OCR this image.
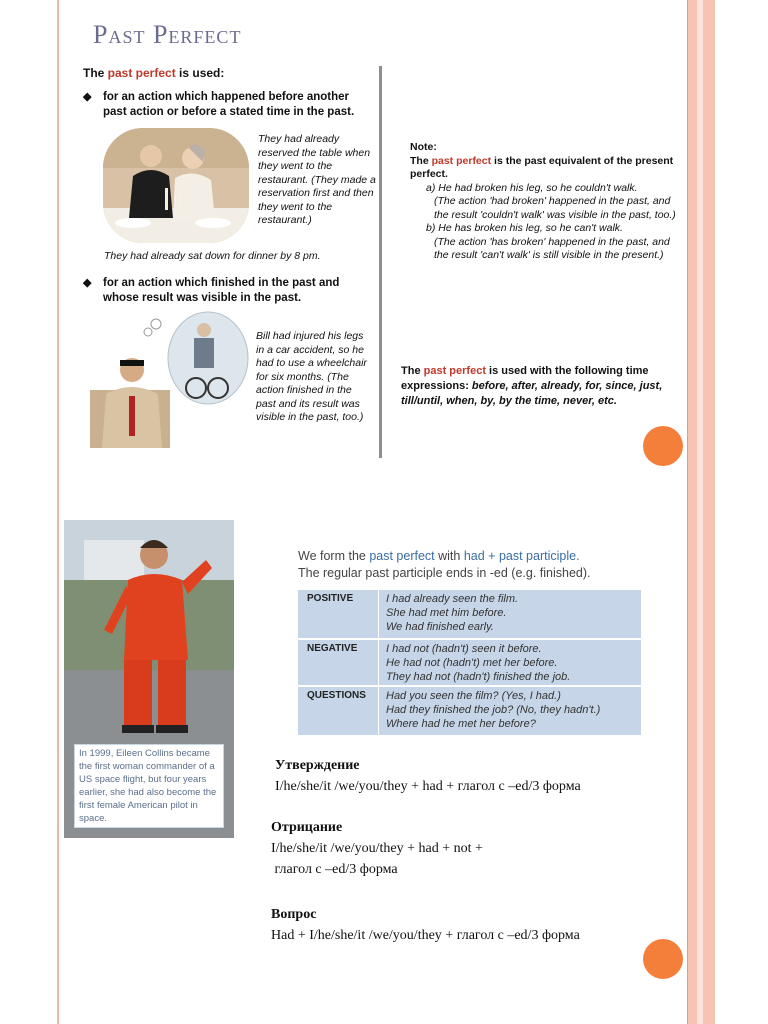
Past Perfect
The past perfect is used:
◆ for an action which happened before another past action or before a stated time in the past.
They had already reserved the table when they went to the restaurant. (They made a reservation first and then they went to the restaurant.)
They had already sat down for dinner by 8 pm.
◆ for an action which finished in the past and whose result was visible in the past.
Bill had injured his legs in a car accident, so he had to use a wheelchair for six months. (The action finished in the past and its result was visible in the past, too.)
Note:
The past perfect is the past equivalent of the present perfect.
a) He had broken his leg, so he couldn't walk.
(The action 'had broken' happened in the past, and the result 'couldn't walk' was visible in the past, too.)
b) He has broken his leg, so he can't walk.
(The action 'has broken' happened in the past, and the result 'can't walk' is still visible in the present.)
The past perfect is used with the following time expressions: before, after, already, for, since, just, till/until, when, by, by the time, never, etc.
In 1999, Eileen Collins became the first woman commander of a US space flight, but four years earlier, she had also become the first female American pilot in space.
We form the past perfect with had + past participle.
The regular past participle ends in -ed (e.g. finished).
POSITIVE	I had already seen the film.
She had met him before.
We had finished early.
NEGATIVE	I had not (hadn't) seen it before.
He had not (hadn't) met her before.
They had not (hadn't) finished the job.
QUESTIONS Had you seen the film? (Yes, I had.)
Had they finished the job? (No, they hadn't.)
Where had he met her before?
Утверждение
I/he/she/it /we/you/they + had + глагол с –ed/3 форма
Отрицание
I/he/she/it /we/you/they + had + not +
глагол с –ed/3 форма
Вопрос
Had + I/he/she/it /we/you/they + глагол с –ed/3 форма
